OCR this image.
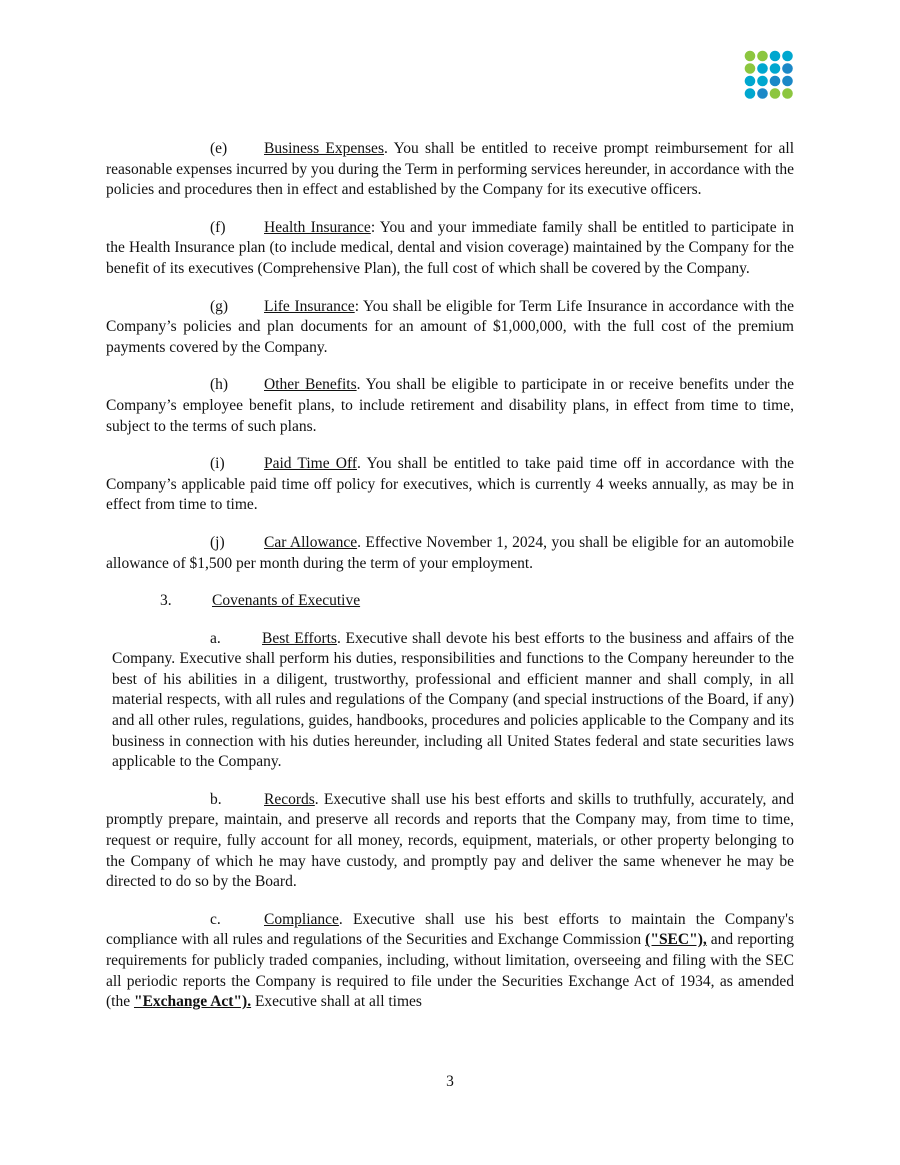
(e) Business Expenses. You shall be entitled to receive prompt reimbursement for all reasonable expenses incurred by you during the Term in performing services hereunder, in accordance with the policies and procedures then in effect and established by the Company for its executive officers.
(f) Health Insurance: You and your immediate family shall be entitled to participate in the Health Insurance plan (to include medical, dental and vision coverage) maintained by the Company for the benefit of its executives (Comprehensive Plan), the full cost of which shall be covered by the Company.
(g) Life Insurance: You shall be eligible for Term Life Insurance in accordance with the Company’s policies and plan documents for an amount of $1,000,000, with the full cost of the premium payments covered by the Company.
(h) Other Benefits. You shall be eligible to participate in or receive benefits under the Company’s employee benefit plans, to include retirement and disability plans, in effect from time to time, subject to the terms of such plans.
(i)	Paid Time Off. You shall be entitled to take paid time off in accordance with the Company’s applicable paid time off policy for executives, which is currently 4 weeks annually, as may be in effect from time to time.
(j)	Car Allowance. Effective November 1, 2024, you shall be eligible for an automobile allowance of $1,500 per month during the term of your employment.
3.	Covenants of Executive
a.	Best Efforts. Executive shall devote his best efforts to the business and affairs of the Company. Executive shall perform his duties, responsibilities and functions to the Company hereunder to the best of his abilities in a diligent, trustworthy, professional and efficient manner and shall comply, in all material respects, with all rules and regulations of the Company (and special instructions of the Board, if any) and all other rules, regulations, guides, handbooks, procedures and policies applicable to the Company and its business in connection with his duties hereunder, including all United States federal and state securities laws applicable to the Company.
b.	Records. Executive shall use his best efforts and skills to truthfully, accurately, and promptly prepare, maintain, and preserve all records and reports that the Company may, from time to time, request or require, fully account for all money, records, equipment, materials, or other property belonging to the Company of which he may have custody, and promptly pay and deliver the same whenever he may be directed to do so by the Board.
c.	Compliance. Executive shall use his best efforts to maintain the Company's compliance with all rules and regulations of the Securities and Exchange Commission ("SEC"), and reporting requirements for publicly traded companies, including, without limitation, overseeing and filing with the SEC all periodic reports the Company is required to file under the Securities Exchange Act of 1934, as amended (the "Exchange Act"). Executive shall at all times
3
